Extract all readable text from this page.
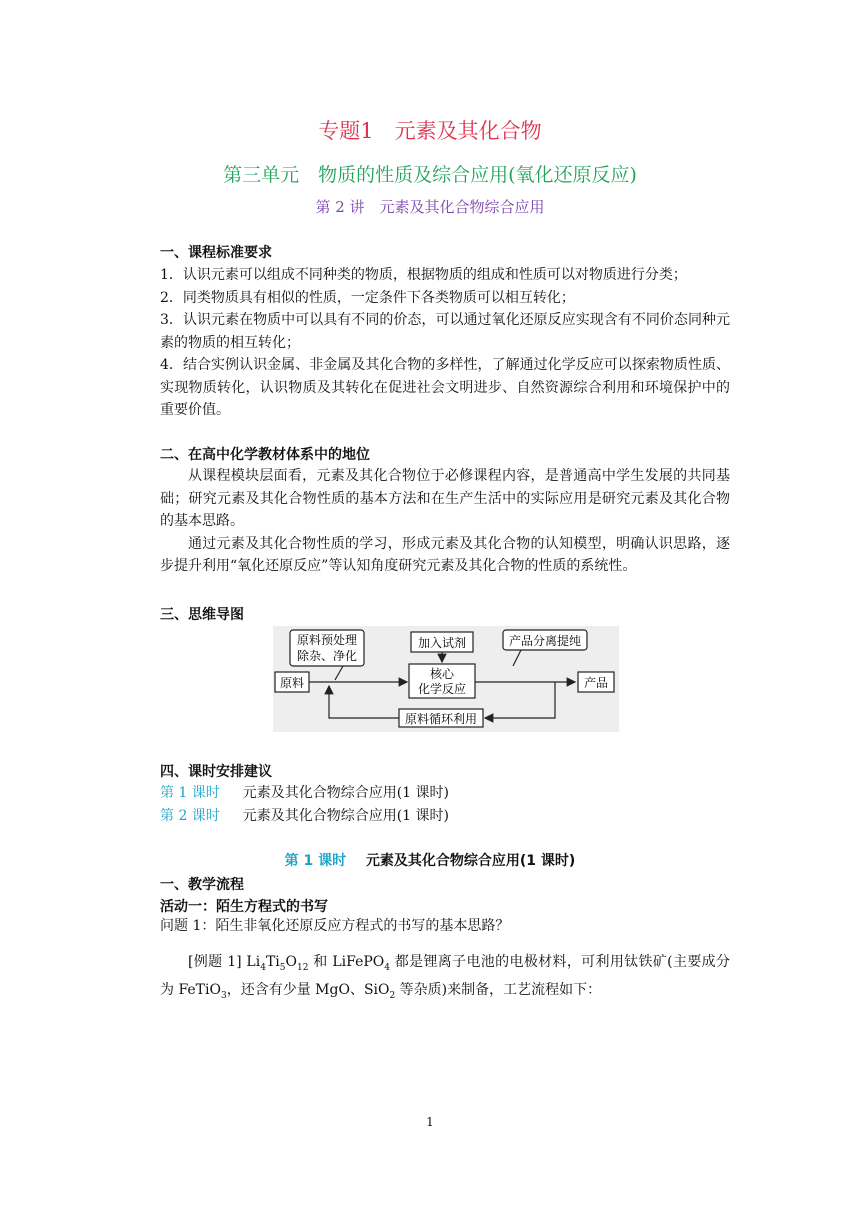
专题1　元素及其化合物
第三单元　物质的性质及综合应用(氧化还原反应)
第 2 讲　元素及其化合物综合应用
一、课程标准要求
1．认识元素可以组成不同种类的物质，根据物质的组成和性质可以对物质进行分类；
2．同类物质具有相似的性质，一定条件下各类物质可以相互转化；
3．认识元素在物质中可以具有不同的价态，可以通过氧化还原反应实现含有不同价态同种元素的物质的相互转化；
4．结合实例认识金属、非金属及其化合物的多样性，了解通过化学反应可以探索物质性质、实现物质转化，认识物质及其转化在促进社会文明进步、自然资源综合利用和环境保护中的重要价值。
二、在高中化学教材体系中的地位
从课程模块层面看，元素及其化合物位于必修课程内容，是普通高中学生发展的共同基础；研究元素及其化合物性质的基本方法和在生产生活中的实际应用是研究元素及其化合物的基本思路。
通过元素及其化合物性质的学习，形成元素及其化合物的认知模型，明确认识思路，逐步提升利用“氧化还原反应”等认知角度研究元素及其化合物的性质的系统性。
三、思维导图
原料
原料预处理
除杂、净化
加入试剂
核心
化学反应
产品分离提纯
产品
原料循环利用
四、课时安排建议
第 1 课时 元素及其化合物综合应用(1 课时)
第 2 课时 元素及其化合物综合应用(1 课时)
第 1 课时 元素及其化合物综合应用(1 课时)
一、教学流程
活动一：陌生方程式的书写
问题 1：陌生非氧化还原反应方程式的书写的基本思路？
[例题 1] $Li_4Ti_5O_{12}$ 和 LiFePO$_4$ 都是锂离子电池的电极材料，可利用钛铁矿(主要成分为 FeTiO$_3$，还含有少量 MgO、SiO$_2$ 等杂质)来制备，工艺流程如下：
1
